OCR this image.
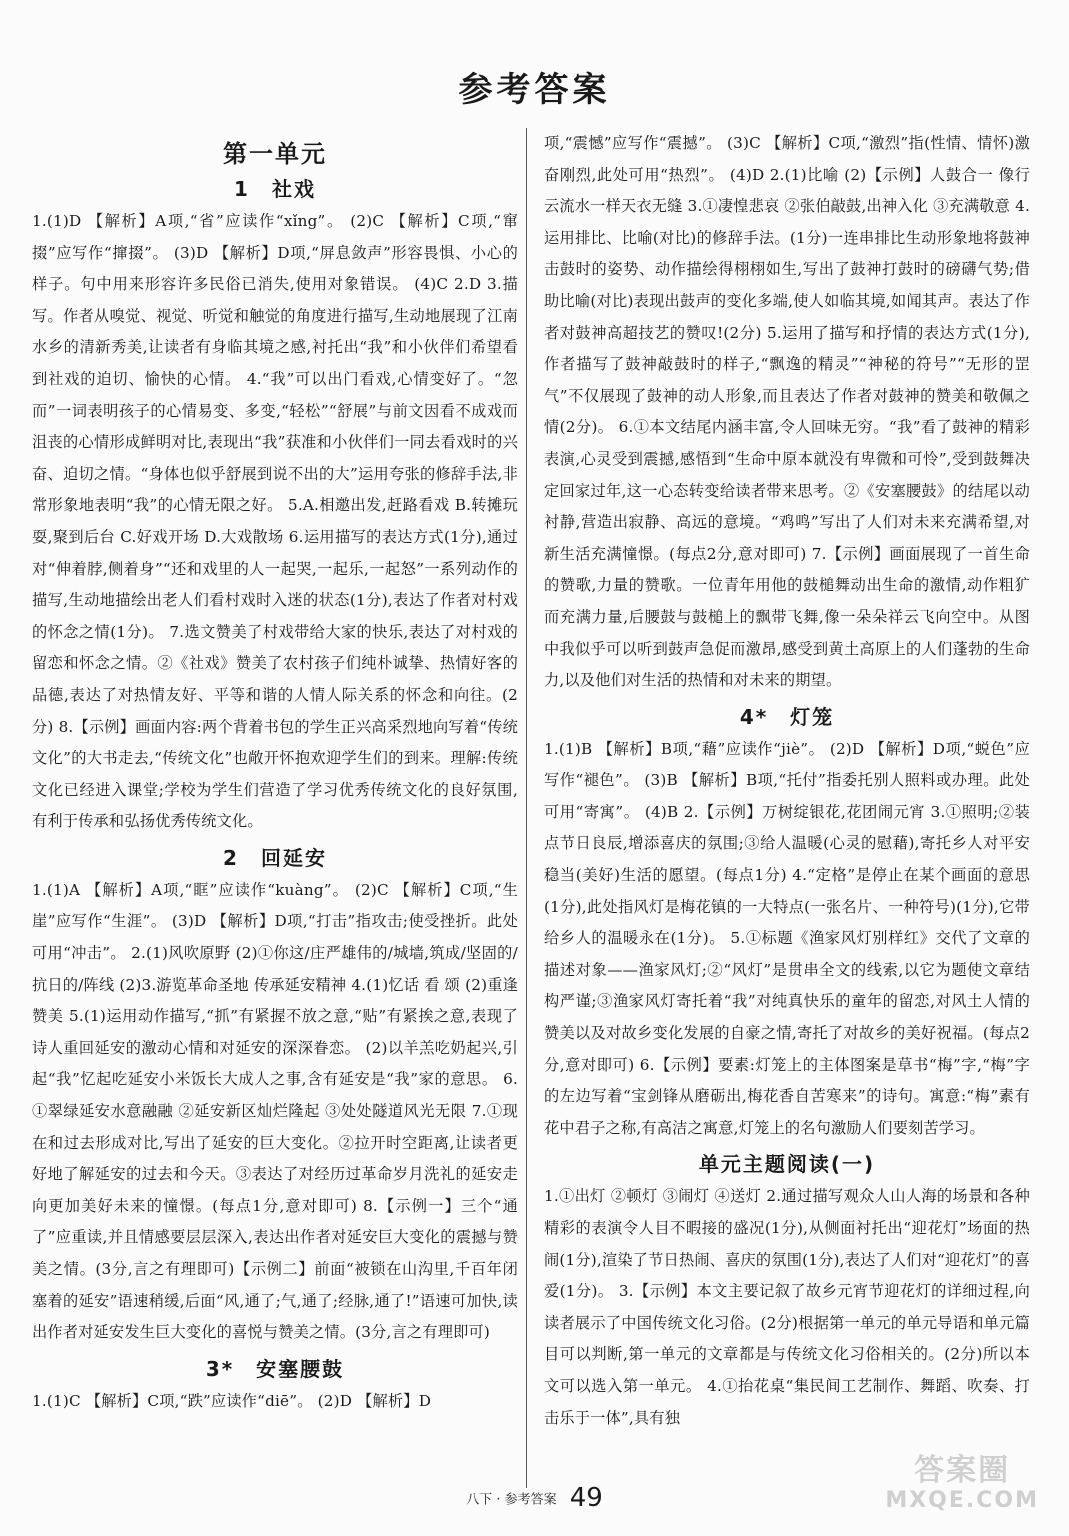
参考答案
第一单元
1　社戏

1.(1)D 【解析】A项,“省”应读作“xǐng”。 (2)C 【解析】C项,“窜掇”应写作“撺掇”。 (3)D 【解析】D项,“屏息敛声”形容畏惧、小心的样子。句中用来形容许多民俗已消失,使用对象错误。 (4)C 2.D 3.描写。作者从嗅觉、视觉、听觉和触觉的角度进行描写,生动地展现了江南水乡的清新秀美,让读者有身临其境之感,衬托出“我”和小伙伴们希望看到社戏的迫切、愉快的心情。 4.“我”可以出门看戏,心情变好了。“忽而”一词表明孩子的心情易变、多变,“轻松”“舒展”与前文因看不成戏而沮丧的心情形成鲜明对比,表现出“我”获准和小伙伴们一同去看戏时的兴奋、迫切之情。“身体也似乎舒展到说不出的大”运用夸张的修辞手法,非常形象地表明“我”的心情无限之好。 5.A.相邀出发,赶路看戏 B.转摊玩耍,聚到后台 C.好戏开场 D.大戏散场 6.运用描写的表达方式(1分),通过对“伸着脖,侧着身”“还和戏里的人一起哭,一起乐,一起怒”一系列动作的描写,生动地描绘出老人们看村戏时入迷的状态(1分),表达了作者对村戏的怀念之情(1分)。 7.选文赞美了村戏带给大家的快乐,表达了对村戏的留恋和怀念之情。②《社戏》赞美了农村孩子们纯朴诚挚、热情好客的品德,表达了对热情友好、平等和谐的人情人际关系的怀念和向往。(2分) 8.【示例】画面内容:两个背着书包的学生正兴高采烈地向写着“传统文化”的大书走去,“传统文化”也敞开怀抱欢迎学生们的到来。理解:传统文化已经进入课堂;学校为学生们营造了学习优秀传统文化的良好氛围,有利于传承和弘扬优秀传统文化。

2　回延安

1.(1)A 【解析】A项,“眶”应读作“kuàng”。 (2)C 【解析】C项,“生崖”应写作“生涯”。 (3)D 【解析】D项,“打击”指攻击;使受挫折。此处可用“冲击”。 2.(1)风吹原野 (2)①你这/庄严雄伟的/城墙,筑成/坚固的/抗日的/阵线 (2)3.游览革命圣地 传承延安精神 4.(1)忆话 看 颂 (2)重逢 赞美 5.(1)运用动作描写,“抓”有紧握不放之意,“贴”有紧挨之意,表现了诗人重回延安的激动心情和对延安的深深眷恋。 (2)以羊羔吃奶起兴,引起“我”忆起吃延安小米饭长大成人之事,含有延安是“我”家的意思。 6.①翠绿延安水意融融 ②延安新区灿烂隆起 ③处处隧道风光无限 7.①现在和过去形成对比,写出了延安的巨大变化。②拉开时空距离,让读者更好地了解延安的过去和今天。③表达了对经历过革命岁月洗礼的延安走向更加美好未来的憧憬。(每点1分,意对即可) 8.【示例一】三个“通了”应重读,并且情感要层层深入,表达出作者对延安巨大变化的震撼与赞美之情。(3分,言之有理即可)【示例二】前面“被锁在山沟里,千百年闭塞着的延安”语速稍缓,后面“风,通了;气,通了;经脉,通了!”语速可加快,读出作者对延安发生巨大变化的喜悦与赞美之情。(3分,言之有理即可)

3*　安塞腰鼓

1.(1)C 【解析】C项,“跌”应读作“diē”。 (2)D 【解析】D

项,“震憾”应写作“震撼”。 (3)C 【解析】C项,“激烈”指(性情、情怀)激奋刚烈,此处可用“热烈”。 (4)D 2.(1)比喻 (2)【示例】人鼓合一 像行云流水一样天衣无缝 3.①凄惶悲哀 ②张伯敲鼓,出神入化 ③充满敬意 4.运用排比、比喻(对比)的修辞手法。(1分)一连串排比生动形象地将鼓神击鼓时的姿势、动作描绘得栩栩如生,写出了鼓神打鼓时的磅礴气势;借助比喻(对比)表现出鼓声的变化多端,使人如临其境,如闻其声。表达了作者对鼓神高超技艺的赞叹!(2分) 5.运用了描写和抒情的表达方式(1分),作者描写了鼓神敲鼓时的样子,“飘逸的精灵”“神秘的符号”“无形的罡气”不仅展现了鼓神的动人形象,而且表达了作者对鼓神的赞美和敬佩之情(2分)。 6.①本文结尾内涵丰富,令人回味无穷。“我”看了鼓神的精彩表演,心灵受到震撼,感悟到“生命中原本就没有卑微和可怜”,受到鼓舞决定回家过年,这一心态转变给读者带来思考。②《安塞腰鼓》的结尾以动衬静,营造出寂静、高远的意境。“鸡鸣”写出了人们对未来充满希望,对新生活充满憧憬。(每点2分,意对即可) 7.【示例】画面展现了一首生命的赞歌,力量的赞歌。一位青年用他的鼓槌舞动出生命的激情,动作粗犷而充满力量,后腰鼓与鼓槌上的飘带飞舞,像一朵朵祥云飞向空中。从图中我似乎可以听到鼓声急促而激昂,感受到黄土高原上的人们蓬勃的生命力,以及他们对生活的热情和对未来的期望。

4*　灯笼

1.(1)B 【解析】B项,“藉”应读作“jiè”。 (2)D 【解析】D项,“蜕色”应写作“褪色”。 (3)B 【解析】B项,“托付”指委托别人照料或办理。此处可用“寄寓”。 (4)B 2.【示例】万树绽银花,花团闹元宵 3.①照明;②装点节日良辰,增添喜庆的氛围;③给人温暖(心灵的慰藉),寄托乡人对平安稳当(美好)生活的愿望。(每点1分) 4.“定格”是停止在某个画面的意思(1分),此处指风灯是梅花镇的一大特点(一张名片、一种符号)(1分),它带给乡人的温暖永在(1分)。 5.①标题《渔家风灯别样红》交代了文章的描述对象——渔家风灯;②“风灯”是贯串全文的线索,以它为题使文章结构严谨;③渔家风灯寄托着“我”对纯真快乐的童年的留恋,对风土人情的赞美以及对故乡变化发展的自豪之情,寄托了对故乡的美好祝福。(每点2分,意对即可) 6.【示例】要素:灯笼上的主体图案是草书“梅”字,“梅”字的左边写着“宝剑锋从磨砺出,梅花香自苦寒来”的诗句。寓意:“梅”素有花中君子之称,有高洁之寓意,灯笼上的名句激励人们要刻苦学习。

单元主题阅读(一)

1.①出灯 ②顿灯 ③闹灯 ④送灯 2.通过描写观众人山人海的场景和各种精彩的表演令人目不暇接的盛况(1分),从侧面衬托出“迎花灯”场面的热闹(1分),渲染了节日热闹、喜庆的氛围(1分),表达了人们对“迎花灯”的喜爱(1分)。 3.【示例】本文主要记叙了故乡元宵节迎花灯的详细过程,向读者展示了中国传统文化习俗。(2分)根据第一单元的单元导语和单元篇目可以判断,第一单元的文章都是与传统文化习俗相关的。(2分)所以本文可以选入第一单元。 4.①抬花桌“集民间工艺制作、舞蹈、吹奏、打击乐于一体”,具有独

八下 · 参考答案 49
答案圈
MXQE.COM
